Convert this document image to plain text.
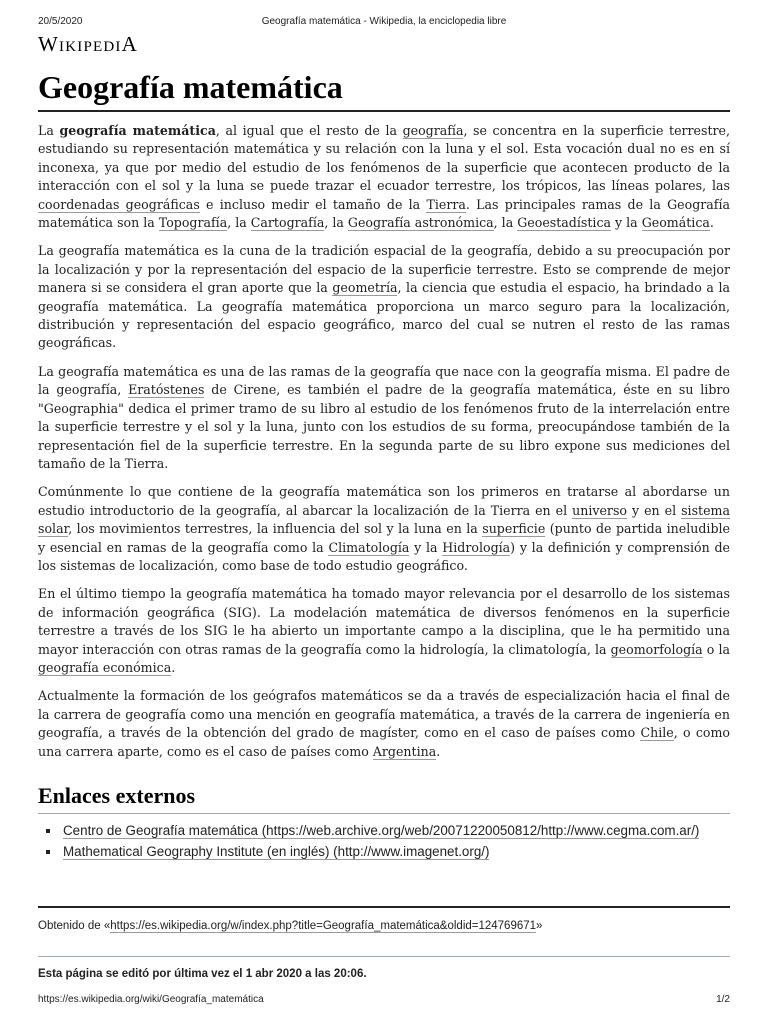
20/5/2020	Geografía matemática - Wikipedia, la enciclopedia libre
WIKIPEDIA
Geografía matemática

La geografía matemática, al igual que el resto de la geografía, se concentra en la superficie terrestre, estudiando su representación matemática y su relación con la luna y el sol. Esta vocación dual no es en sí inconexa, ya que por medio del estudio de los fenómenos de la superficie que acontecen producto de la interacción con el sol y la luna se puede trazar el ecuador terrestre, los trópicos, las líneas polares, las coordenadas geográficas e incluso medir el tamaño de la Tierra. Las principales ramas de la Geografía matemática son la Topografía, la Cartografía, la Geografía astronómica, la Geoestadística y la Geomática.

La geografía matemática es la cuna de la tradición espacial de la geografía, debido a su preocupación por la localización y por la representación del espacio de la superficie terrestre. Esto se comprende de mejor manera si se considera el gran aporte que la geometría, la ciencia que estudia el espacio, ha brindado a la geografía matemática. La geografía matemática proporciona un marco seguro para la localización, distribución y representación del espacio geográfico, marco del cual se nutren el resto de las ramas geográficas.

La geografía matemática es una de las ramas de la geografía que nace con la geografía misma. El padre de la geografía, Eratóstenes de Cirene, es también el padre de la geografía matemática, éste en su libro "Geographia" dedica el primer tramo de su libro al estudio de los fenómenos fruto de la interrelación entre la superficie terrestre y el sol y la luna, junto con los estudios de su forma, preocupándose también de la representación fiel de la superficie terrestre. En la segunda parte de su libro expone sus mediciones del tamaño de la Tierra.

Comúnmente lo que contiene de la geografía matemática son los primeros en tratarse al abordarse un estudio introductorio de la geografía, al abarcar la localización de la Tierra en el universo y en el sistema solar, los movimientos terrestres, la influencia del sol y la luna en la superficie (punto de partida ineludible y esencial en ramas de la geografía como la Climatología y la Hidrología) y la definición y comprensión de los sistemas de localización, como base de todo estudio geográfico.

En el último tiempo la geografía matemática ha tomado mayor relevancia por el desarrollo de los sistemas de información geográfica (SIG). La modelación matemática de diversos fenómenos en la superficie terrestre a través de los SIG le ha abierto un importante campo a la disciplina, que le ha permitido una mayor interacción con otras ramas de la geografía como la hidrología, la climatología, la geomorfología o la geografía económica.

Actualmente la formación de los geógrafos matemáticos se da a través de especialización hacia el final de la carrera de geografía como una mención en geografía matemática, a través de la carrera de ingeniería en geografía, a través de la obtención del grado de magíster, como en el caso de países como Chile, o como una carrera aparte, como es el caso de países como Argentina.

Enlaces externos
Centro de Geografía matemática (https://web.archive.org/web/20071220050812/http://www.cegma.com.ar/)
Mathematical Geography Institute (en inglés) (http://www.imagenet.org/)
Obtenido de «https://es.wikipedia.org/w/index.php?title=Geografía_matemática&oldid=124769671»
Esta página se editó por última vez el 1 abr 2020 a las 20:06.
https://es.wikipedia.org/wiki/Geografía_matemática	1/2
